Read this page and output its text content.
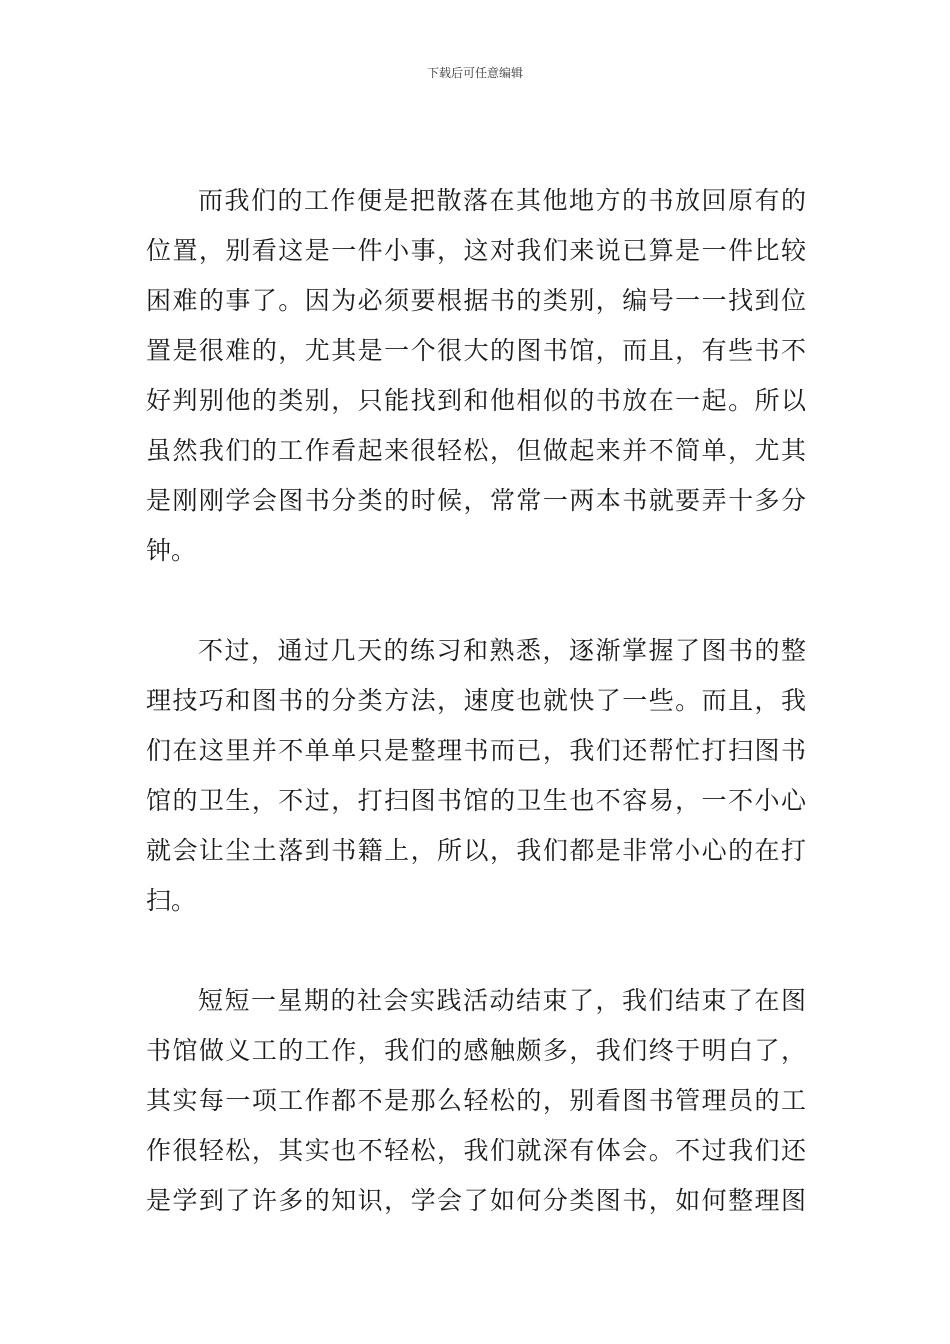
下载后可任意编辑
而我们的工作便是把散落在其他地方的书放回原有的
位置，别看这是一件小事，这对我们来说已算是一件比较
困难的事了。因为必须要根据书的类别，编号一一找到位
置是很难的，尤其是一个很大的图书馆，而且，有些书不
好判别他的类别，只能找到和他相似的书放在一起。所以
虽然我们的工作看起来很轻松，但做起来并不简单，尤其
是刚刚学会图书分类的时候，常常一两本书就要弄十多分
钟。
不过，通过几天的练习和熟悉，逐渐掌握了图书的整
理技巧和图书的分类方法，速度也就快了一些。而且，我
们在这里并不单单只是整理书而已，我们还帮忙打扫图书
馆的卫生，不过，打扫图书馆的卫生也不容易，一不小心
就会让尘土落到书籍上，所以，我们都是非常小心的在打
扫。
短短一星期的社会实践活动结束了，我们结束了在图
书馆做义工的工作，我们的感触颇多，我们终于明白了，
其实每一项工作都不是那么轻松的，别看图书管理员的工
作很轻松，其实也不轻松，我们就深有体会。不过我们还
是学到了许多的知识，学会了如何分类图书，如何整理图
